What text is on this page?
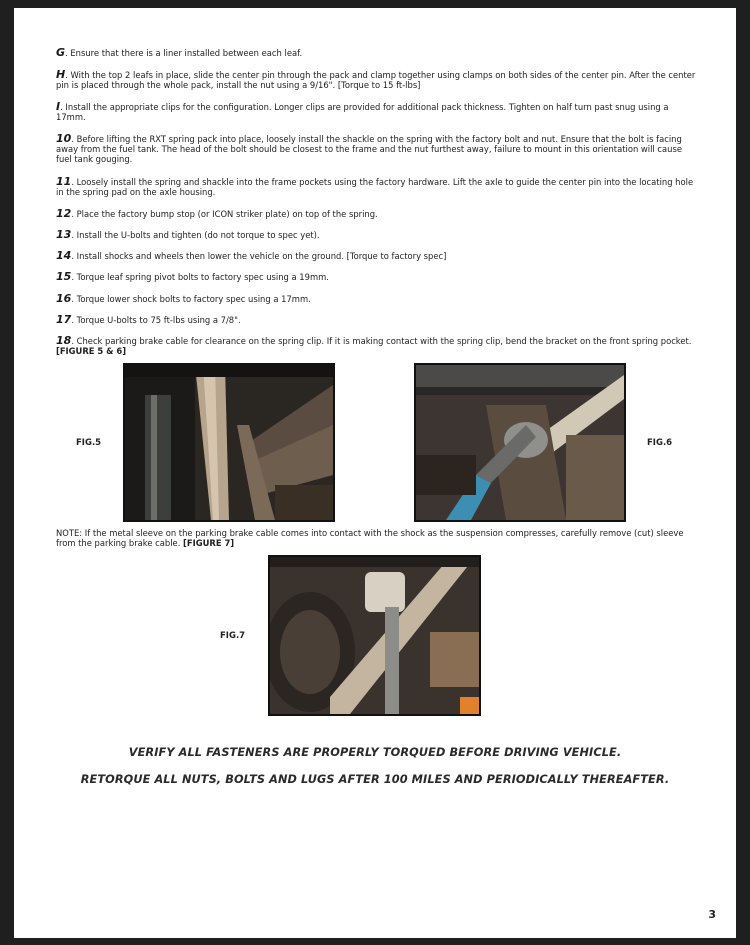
G. Ensure that there is a liner installed between each leaf.

H. With the top 2 leafs in place, slide the center pin through the pack and clamp together using clamps on both sides of the center pin. After the center pin is placed through the whole pack, install the nut using a 9/16". [Torque to 15 ft-lbs]

I. Install the appropriate clips for the configuration. Longer clips are provided for additional pack thickness. Tighten on half turn past snug using a 17mm.

10. Before lifting the RXT spring pack into place, loosely install the shackle on the spring with the factory bolt and nut. Ensure that the bolt is facing away from the fuel tank. The head of the bolt should be closest to the frame and the nut furthest away, failure to mount in this orientation will cause fuel tank gouging.

11. Loosely install the spring and shackle into the frame pockets using the factory hardware. Lift the axle to guide the center pin into the locating hole in the spring pad on the axle housing.

12. Place the factory bump stop (or ICON striker plate) on top of the spring.

13. Install the U-bolts and tighten (do not torque to spec yet).

14. Install shocks and wheels then lower the vehicle on the ground. [Torque to factory spec]

15. Torque leaf spring pivot bolts to factory spec using a 19mm.

16. Torque lower shock bolts to factory spec using a 17mm.

17. Torque U-bolts to 75 ft-lbs using a 7/8".

18. Check parking brake cable for clearance on the spring clip. If it is making contact with the spring clip, bend the bracket on the front spring pocket. [FIGURE 5 & 6]

FIG.5	FIG.6

NOTE: If the metal sleeve on the parking brake cable comes into contact with the shock as the suspension compresses, carefully remove (cut) sleeve from the parking brake cable. [FIGURE 7]

FIG.7
VERIFY ALL FASTENERS ARE PROPERLY TORQUED BEFORE DRIVING VEHICLE.
RETORQUE ALL NUTS, BOLTS AND LUGS AFTER 100 MILES AND PERIODICALLY THEREAFTER.
3
